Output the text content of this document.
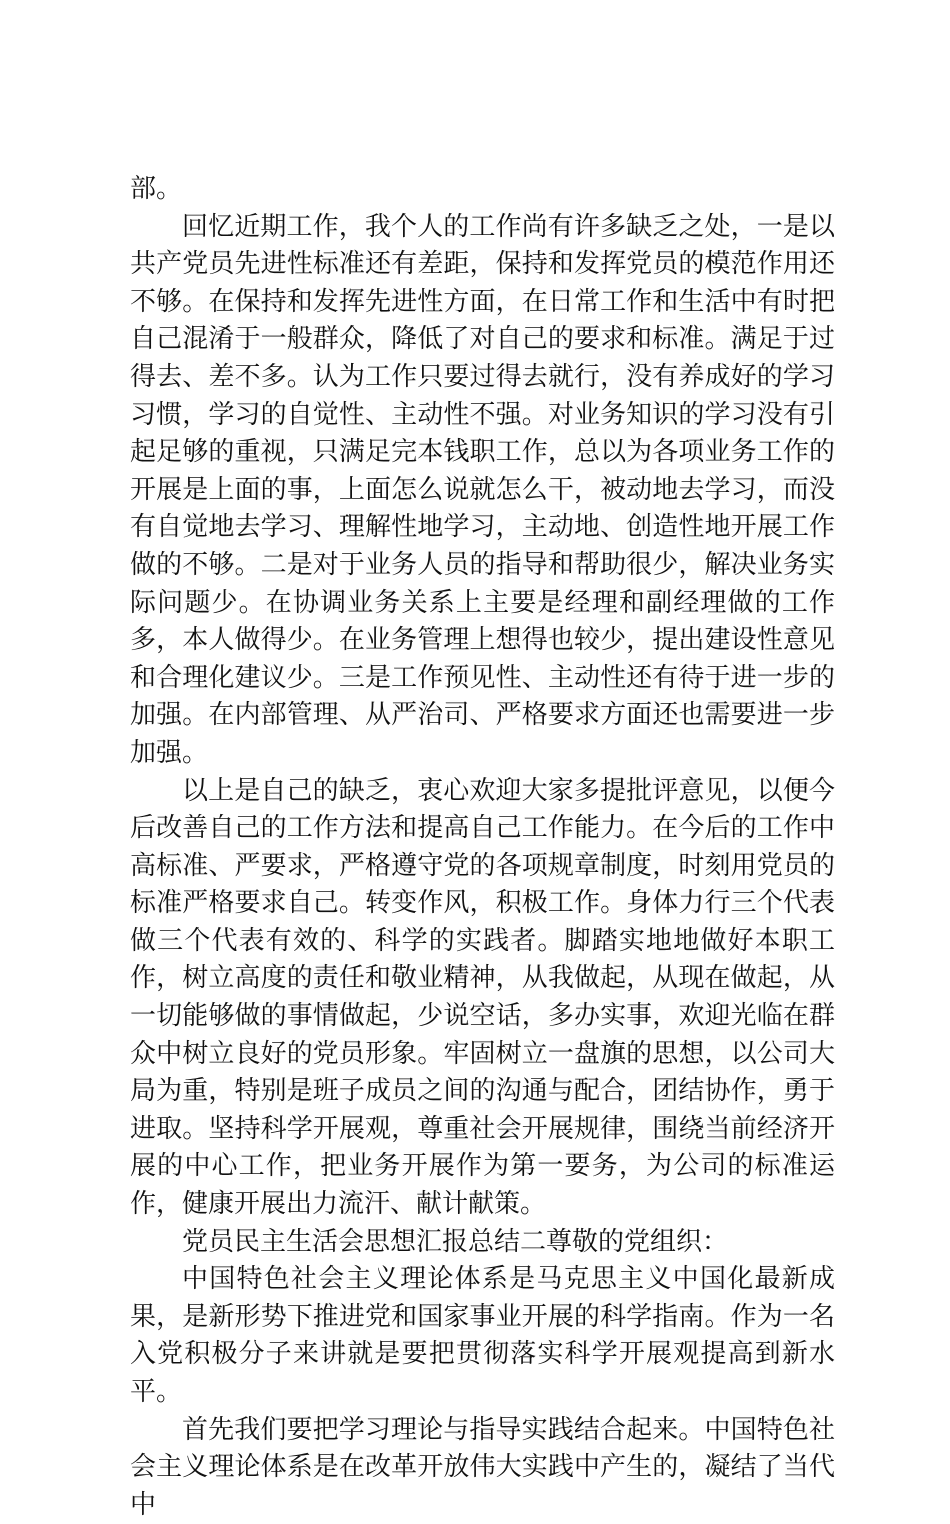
部。

回忆近期工作，我个人的工作尚有许多缺乏之处，一是以共产党员先进性标准还有差距，保持和发挥党员的模范作用还不够。在保持和发挥先进性方面，在日常工作和生活中有时把自己混淆于一般群众，降低了对自己的要求和标准。满足于过得去、差不多。认为工作只要过得去就行，没有养成好的学习习惯，学习的自觉性、主动性不强。对业务知识的学习没有引起足够的重视，只满足完本钱职工作，总以为各项业务工作的开展是上面的事，上面怎么说就怎么干，被动地去学习，而没有自觉地去学习、理解性地学习，主动地、创造性地开展工作做的不够。二是对于业务人员的指导和帮助很少，解决业务实际问题少。在协调业务关系上主要是经理和副经理做的工作多，本人做得少。在业务管理上想得也较少，提出建设性意见和合理化建议少。三是工作预见性、主动性还有待于进一步的加强。在内部管理、从严治司、严格要求方面还也需要进一步加强。

以上是自己的缺乏，衷心欢迎大家多提批评意见，以便今后改善自己的工作方法和提高自己工作能力。在今后的工作中高标准、严要求，严格遵守党的各项规章制度，时刻用党员的标准严格要求自己。转变作风，积极工作。身体力行三个代表做三个代表有效的、科学的实践者。脚踏实地地做好本职工作，树立高度的责任和敬业精神，从我做起，从现在做起，从一切能够做的事情做起，少说空话，多办实事，欢迎光临在群众中树立良好的党员形象。牢固树立一盘旗的思想，以公司大局为重，特别是班子成员之间的沟通与配合，团结协作，勇于进取。坚持科学开展观，尊重社会开展规律，围绕当前经济开展的中心工作，把业务开展作为第一要务，为公司的标准运作，健康开展出力流汗、献计献策。

党员民主生活会思想汇报总结二尊敬的党组织：

中国特色社会主义理论体系是马克思主义中国化最新成果，是新形势下推进党和国家事业开展的科学指南。作为一名入党积极分子来讲就是要把贯彻落实科学开展观提高到新水平。

首先我们要把学习理论与指导实践结合起来。中国特色社会主义理论体系是在改革开放伟大实践中产生的，凝结了当代中
